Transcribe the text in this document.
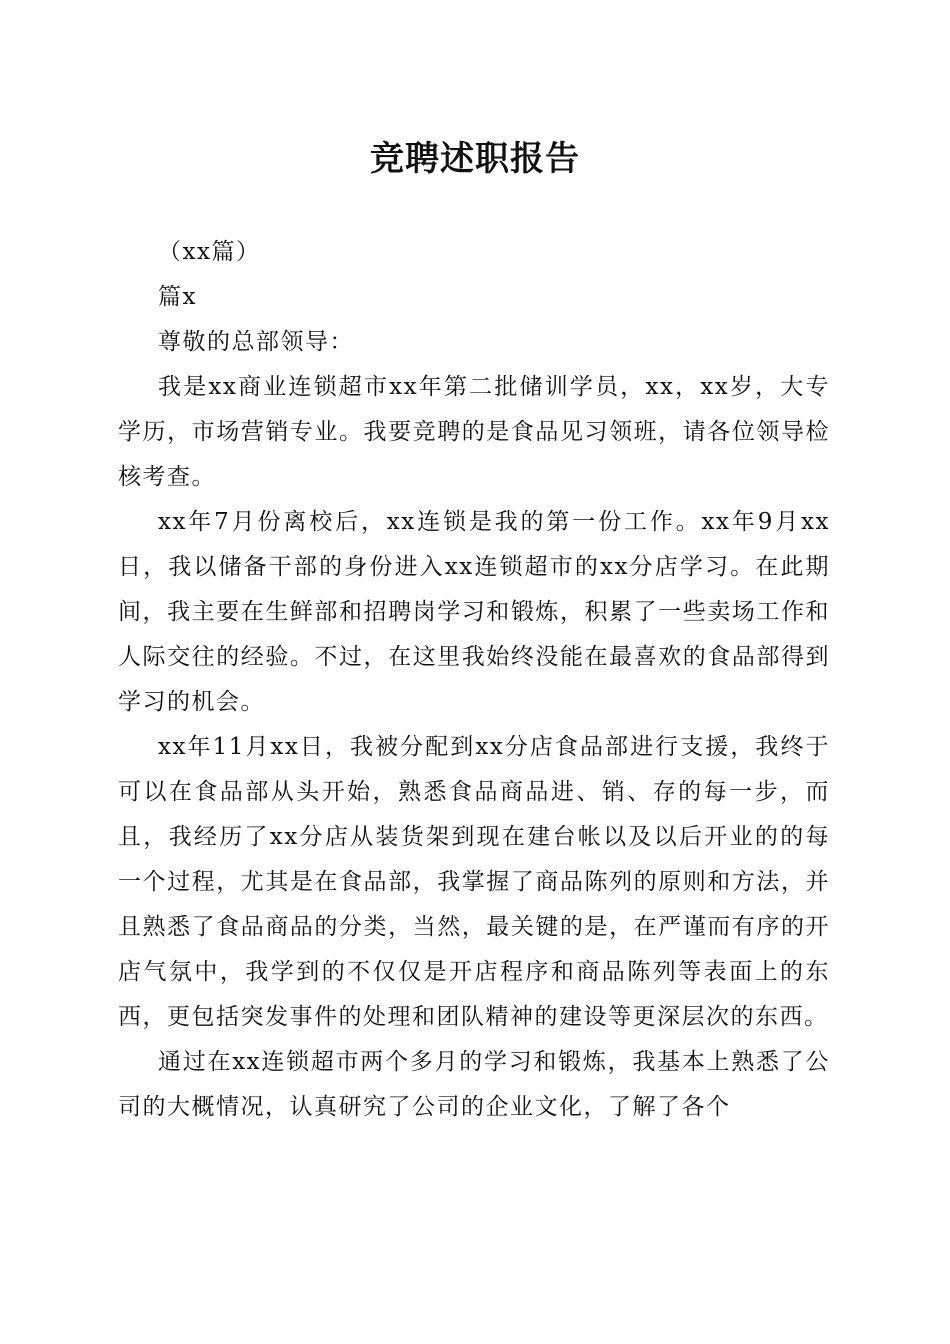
竞聘述职报告

（xx篇）

篇x

尊敬的总部领导：

我是xx商业连锁超市xx年第二批储训学员，xx，xx岁，大专学历，市场营销专业。我要竞聘的是食品见习领班，请各位领导检核考查。

xx年7月份离校后，xx连锁是我的第一份工作。xx年9月xx日，我以储备干部的身份进入xx连锁超市的xx分店学习。在此期间，我主要在生鲜部和招聘岗学习和锻炼，积累了一些卖场工作和人际交往的经验。不过，在这里我始终没能在最喜欢的食品部得到学习的机会。

xx年11月xx日，我被分配到xx分店食品部进行支援，我终于可以在食品部从头开始，熟悉食品商品进、销、存的每一步，而且，我经历了xx分店从装货架到现在建台帐以及以后开业的的每一个过程，尤其是在食品部，我掌握了商品陈列的原则和方法，并且熟悉了食品商品的分类，当然，最关键的是，在严谨而有序的开店气氛中，我学到的不仅仅是开店程序和商品陈列等表面上的东西，更包括突发事件的处理和团队精神的建设等更深层次的东西。

通过在xx连锁超市两个多月的学习和锻炼，我基本上熟悉了公司的大概情况，认真研究了公司的企业文化，了解了各个
